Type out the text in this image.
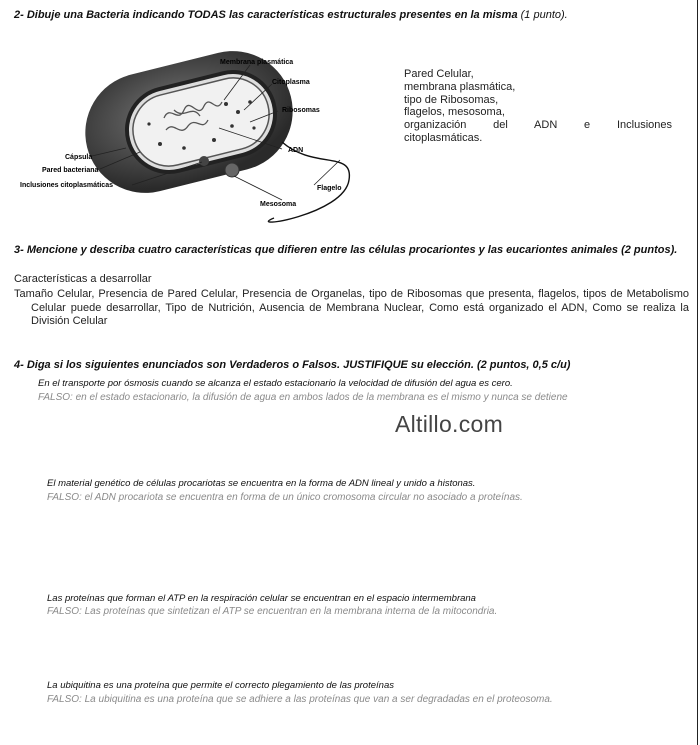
2- Dibuje una Bacteria indicando TODAS las características estructurales presentes en la misma (1 punto).

Membrana plasmática
Citoplasma
Ribosomas
ADN
Cápsula
Pared bacteriana
Inclusiones citoplasmáticas	Flagelo
Mesosoma
Pared Celular,
membrana plasmática,
tipo de Ribosomas,
flagelos, mesosoma,
organización del ADN e Inclusiones
citoplasmáticas.

3- Mencione y describa cuatro características que difieren entre las células procariontes y las eucariontes animales (2 puntos).

Características a desarrollar
Tamaño Celular, Presencia de Pared Celular, Presencia de Organelas, tipo de Ribosomas que presenta, flagelos, tipos de Metabolismo Celular puede desarrollar, Tipo de Nutrición, Ausencia de Membrana Nuclear, Como está organizado el ADN, Como se realiza la División Celular

4- Diga si los siguientes enunciados son Verdaderos o Falsos. JUSTIFIQUE su elección. (2 puntos, 0,5 c/u)

En el transporte por ósmosis cuando se alcanza el estado estacionario la velocidad de difusión del agua es cero.
FALSO: en el estado estacionario, la difusión de agua en ambos lados de la membrana es el mismo y nunca se detiene
Altillo.com
El material genético de células procariotas se encuentra en la forma de ADN lineal y unido a histonas.
FALSO: el ADN procariota se encuentra en forma de un único cromosoma circular no asociado a proteínas.
Las proteínas que forman el ATP en la respiración celular se encuentran en el espacio intermembrana
FALSO: Las proteínas que sintetizan el ATP se encuentran en la membrana interna de la mitocondria.
La ubiquitina es una proteína que permite el correcto plegamiento de las proteínas
FALSO: La ubiquitina es una proteína que se adhiere a las proteínas que van a ser degradadas en el proteosoma.
